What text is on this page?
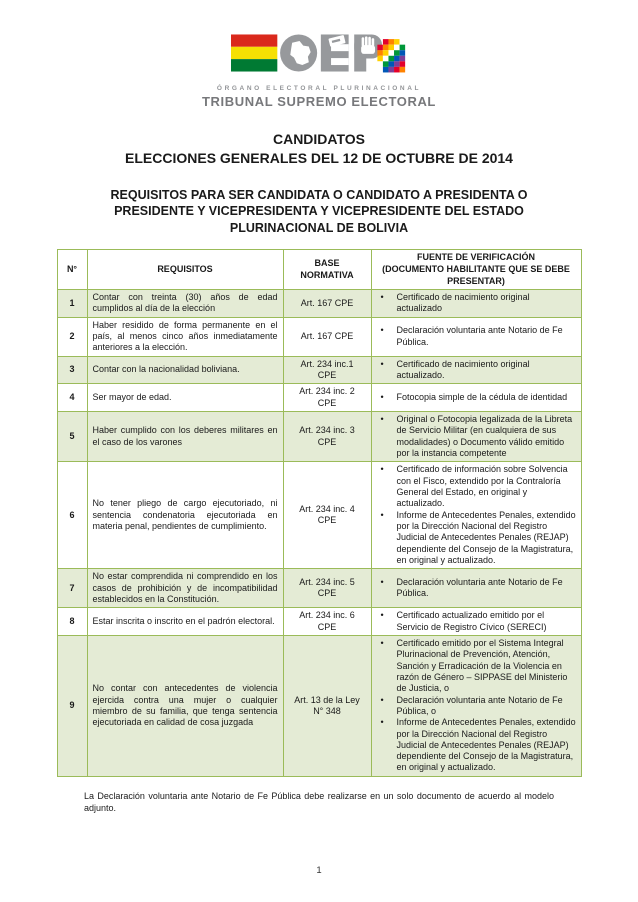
ÓRGANO ELECTORAL PLURINACIONAL
TRIBUNAL SUPREMO ELECTORAL
CANDIDATOS
ELECCIONES GENERALES DEL 12 DE OCTUBRE DE 2014
REQUISITOS PARA SER CANDIDATA O CANDIDATO A PRESIDENTA O PRESIDENTE Y VICEPRESIDENTA Y VICEPRESIDENTE DEL ESTADO PLURINACIONAL DE BOLIVIA
N°	REQUISITOS	BASE NORMATIVA	FUENTE DE VERIFICACIÓN
(DOCUMENTO HABILITANTE QUE SE DEBE PRESENTAR)

1	Contar con treinta (30) años de edad cumplidos al día de la elección	Art. 167 CPE	• Certificado de nacimiento original actualizado

2	Haber residido de forma permanente en el país, al menos cinco años inmediatamente anteriores a la elección.	Art. 167 CPE	• Declaración voluntaria ante Notario de Fe Pública.

3	Contar con la nacionalidad boliviana.	Art. 234 inc.1 CPE	• Certificado de nacimiento original actualizado.

4	Ser mayor de edad.	Art. 234 inc. 2 CPE	• Fotocopia simple de la cédula de identidad

5	Haber cumplido con los deberes militares en el caso de los varones	Art. 234 inc. 3 CPE	• Original o Fotocopia legalizada de la Libreta de Servicio Militar (en cualquiera de sus modalidades) o Documento válido emitido por la instancia competente

6	No tener pliego de cargo ejecutoriado, ni sentencia condenatoria ejecutoriada en materia penal, pendientes de cumplimiento.	Art. 234 inc. 4 CPE	• Certificado de información sobre Solvencia con el Fisco, extendido por la Contraloría General del Estado, en original y actualizado.
• Informe de Antecedentes Penales, extendido por la Dirección Nacional del Registro Judicial de Antecedentes Penales (REJAP) dependiente del Consejo de la Magistratura, en original y actualizado.

7	No estar comprendida ni comprendido en los casos de prohibición y de incompatibilidad establecidos en la Constitución.	Art. 234 inc. 5 CPE	• Declaración voluntaria ante Notario de Fe Pública.

8	Estar inscrita o inscrito en el padrón electoral.	Art. 234 inc. 6 CPE	• Certificado actualizado emitido por el Servicio de Registro Cívico (SERECI)

9	No contar con antecedentes de violencia ejercida contra una mujer o cualquier miembro de su familia, que tenga sentencia ejecutoriada en calidad de cosa juzgada	Art. 13 de la Ley N° 348	
•	Certificado emitido por el Sistema Integral Plurinacional de Prevención, Atención, Sanción y Erradicación de la Violencia en razón de Género – SIPPASE del Ministerio de Justicia, o
•	Declaración voluntaria ante Notario de Fe Pública, o
•	Informe de Antecedentes Penales, extendido por la Dirección Nacional del Registro Judicial de Antecedentes Penales (REJAP) dependiente del Consejo de la Magistratura, en original y actualizado.
La Declaración voluntaria ante Notario de Fe Pública debe realizarse en un solo documento de acuerdo al modelo adjunto.
1
